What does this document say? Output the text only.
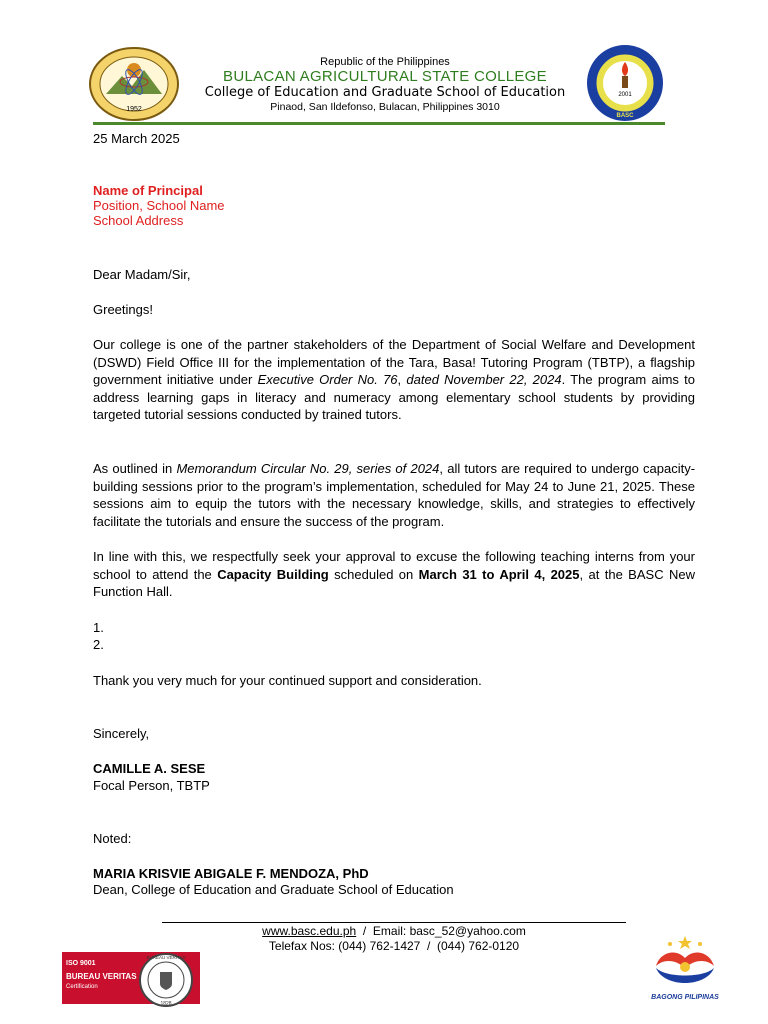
1952
Republic of the Philippines
BULACAN AGRICULTURAL STATE COLLEGE
College of Education and Graduate School of Education
Pinaod, San Ildefonso, Bulacan, Philippines 3010
2001
BASC
25 March 2025
Name of Principal
Position, School Name
School Address
Dear Madam/Sir,
Greetings!
Our college is one of the partner stakeholders of the Department of Social Welfare and Development (DSWD) Field Office III for the implementation of the Tara, Basa! Tutoring Program (TBTP), a flagship government initiative under Executive Order No. 76, dated November 22, 2024. The program aims to address learning gaps in literacy and numeracy among elementary school students by providing targeted tutorial sessions conducted by trained tutors.
As outlined in Memorandum Circular No. 29, series of 2024, all tutors are required to undergo capacity-building sessions prior to the program’s implementation, scheduled for May 24 to June 21, 2025. These sessions aim to equip the tutors with the necessary knowledge, skills, and strategies to effectively facilitate the tutorials and ensure the success of the program.
In line with this, we respectfully seek your approval to excuse the following teaching interns from your school to attend the Capacity Building scheduled on March 31 to April 4, 2025, at the BASC New Function Hall.
1.
2.
Thank you very much for your continued support and consideration.
Sincerely,
CAMILLE A. SESE
Focal Person, TBTP
Noted:
MARIA KRISVIE ABIGALE F. MENDOZA, PhD
Dean, College of Education and Graduate School of Education
www.basc.edu.ph  /  Email: basc_52@yahoo.com
Telefax Nos: (044) 762-1427  /  (044) 762-0120
ISO 9001
BUREAU VERITAS
Certification
BUREAU VERITAS
1828
BAGONG PILIPINAS
